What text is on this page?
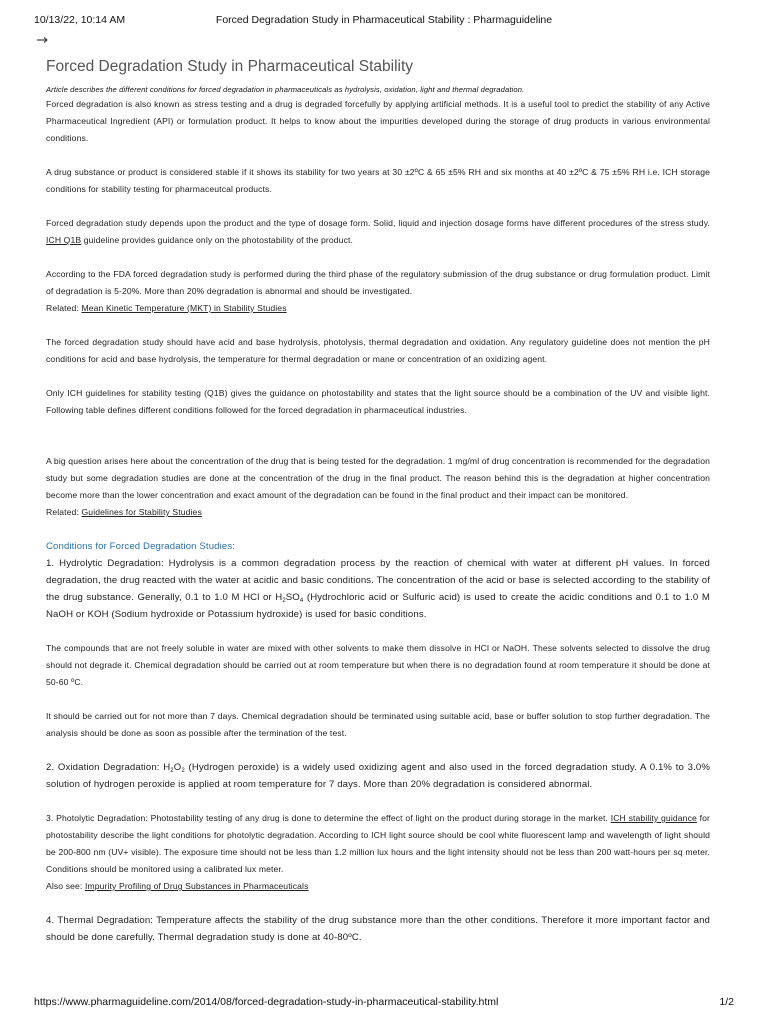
10/13/22, 10:14 AM	Forced Degradation Study in Pharmaceutical Stability : Pharmaguideline
Forced Degradation Study in Pharmaceutical Stability

Article describes the different conditions for forced degradation in pharmaceuticals as hydrolysis, oxidation, light and thermal degradation.

Forced degradation is also known as stress testing and a drug is degraded forcefully by applying artificial methods. It is a useful tool to predict the stability of any Active Pharmaceutical Ingredient (API) or formulation product. It helps to know about the impurities developed during the storage of drug products in various environmental conditions.

A drug substance or product is considered stable if it shows its stability for two years at 30 ±2ºC & 65 ±5% RH and six months at 40 ±2ºC & 75 ±5% RH i.e. ICH storage conditions for stability testing for pharmaceutcal products.

Forced degradation study depends upon the product and the type of dosage form. Solid, liquid and injection dosage forms have different procedures of the stress study. ICH Q1B guideline provides guidance only on the photostability of the product.

According to the FDA forced degradation study is performed during the third phase of the regulatory submission of the drug substance or drug formulation product. Limit of degradation is 5-20%. More than 20% degradation is abnormal and should be investigated.

Related: Mean Kinetic Temperature (MKT) in Stability Studies

The forced degradation study should have acid and base hydrolysis, photolysis, thermal degradation and oxidation. Any regulatory guideline does not mention the pH conditions for acid and base hydrolysis, the temperature for thermal degradation or mane or concentration of an oxidizing agent.

Only ICH guidelines for stability testing (Q1B) gives the guidance on photostability and states that the light source should be a combination of the UV and visible light. Following table defines different conditions followed for the forced degradation in pharmaceutical industries.

A big question arises here about the concentration of the drug that is being tested for the degradation. 1 mg/ml of drug concentration is recommended for the degradation study but some degradation studies are done at the concentration of the drug in the final product. The reason behind this is the degradation at higher concentration become more than the lower concentration and exact amount of the degradation can be found in the final product and their impact can be monitored.

Related: Guidelines for Stability Studies

Conditions for Forced Degradation Studies:

1. Hydrolytic Degradation: Hydrolysis is a common degradation process by the reaction of chemical with water at different pH values. In forced degradation, the drug reacted with the water at acidic and basic conditions. The concentration of the acid or base is selected according to the stability of the drug substance. Generally, 0.1 to 1.0 M HCl or $H_2SO_4$ (Hydrochloric acid or Sulfuric acid) is used to create the acidic conditions and 0.1 to 1.0 M NaOH or KOH (Sodium hydroxide or Potassium hydroxide) is used for basic conditions.

The compounds that are not freely soluble in water are mixed with other solvents to make them dissolve in HCl or NaOH. These solvents selected to dissolve the drug should not degrade it. Chemical degradation should be carried out at room temperature but when there is no degradation found at room temperature it should be done at 50-60 ºC.

It should be carried out for not more than 7 days. Chemical degradation should be terminated using suitable acid, base or buffer solution to stop further degradation. The analysis should be done as soon as possible after the termination of the test.

2. Oxidation Degradation: $H_2O_2$ (Hydrogen peroxide) is a widely used oxidizing agent and also used in the forced degradation study. A 0.1% to 3.0% solution of hydrogen peroxide is applied at room temperature for 7 days. More than 20% degradation is considered abnormal.

3. Photolytic Degradation: Photostability testing of any drug is done to determine the effect of light on the product during storage in the market. ICH stability guidance for photostability describe the light conditions for photolytic degradation. According to ICH light source should be cool white fluorescent lamp and wavelength of light should be 200-800 nm (UV+ visible). The exposure time should not be less than 1.2 million lux hours and the light intensity should not be less than 200 watt-hours per sq meter. Conditions should be monitored using a calibrated lux meter.

Also see: Impurity Profiling of Drug Substances in Pharmaceuticals

4. Thermal Degradation: Temperature affects the stability of the drug substance more than the other conditions. Therefore it more important factor and should be done carefully. Thermal degradation study is done at 40-80ºC.

https://www.pharmaguideline.com/2014/08/forced-degradation-study-in-pharmaceutical-stability.html	1/2
